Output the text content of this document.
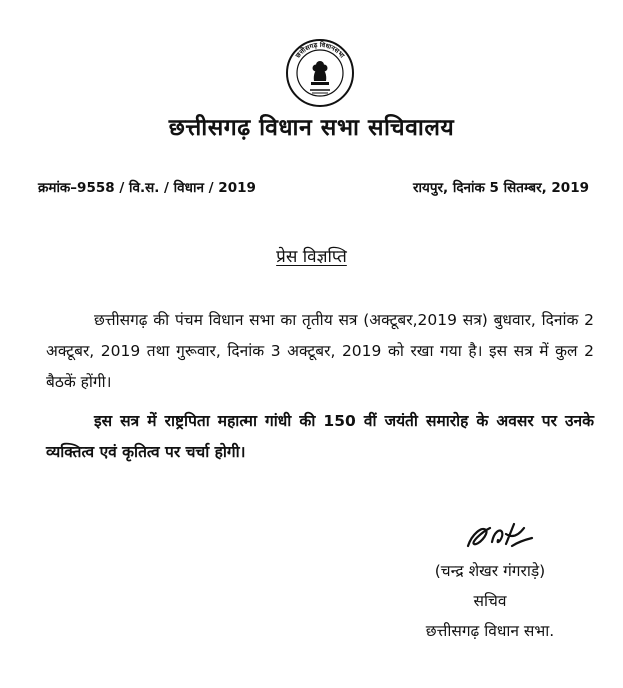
छत्तीसगढ़ विधानसभा
छत्तीसगढ़ विधान सभा सचिवालय
क्रमांक–9558 / वि.स. / विधान / 2019	रायपुर, दिनांक 5 सितम्बर, 2019
प्रेस विज्ञप्ति

छत्तीसगढ़ की पंचम विधान सभा का तृतीय सत्र (अक्टूबर,2019 सत्र) बुधवार, दिनांक 2 अक्टूबर, 2019 तथा गुरूवार, दिनांक 3 अक्टूबर, 2019 को रखा गया है। इस सत्र में कुल 2 बैठकें होंगी।

इस सत्र में राष्ट्रपिता महात्मा गांधी की 150 वीं जयंती समारोह के अवसर पर उनके व्यक्तित्व एवं कृतित्व पर चर्चा होगी।

(चन्द्र शेखर गंगराड़े)
सचिव
छत्तीसगढ़ विधान सभा.
